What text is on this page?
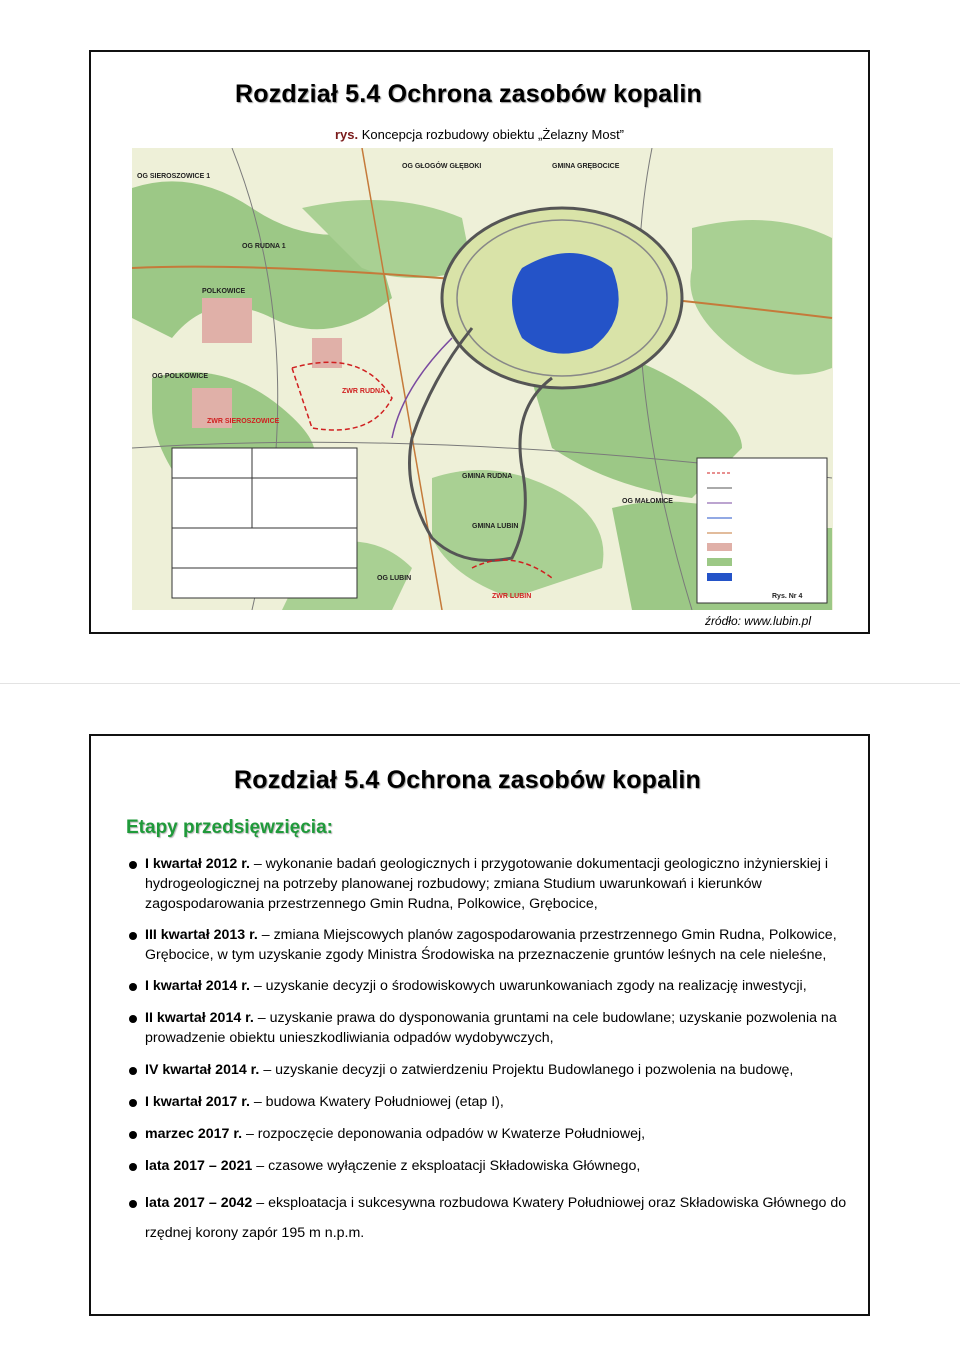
Rozdział 5.4 Ochrona zasobów kopalin
rys. Koncepcja rozbudowy obiektu „Żelazny Most”
OG SIEROSZOWICE 1
OG RUDNA 1
POLKOWICE
OG POLKOWICE
GMINA GRĘBOCICE
GMINA RUDNA
GMINA LUBIN
OG MAŁOMICE
OG LUBIN
OG GŁOGÓW GŁĘBOKI
Rys. Nr 4
ZWR RUDNA
ZWR SIEROSZOWICE
ZWR LUBIN
źródło: www.lubin.pl
Rozdział 5.4 Ochrona zasobów kopalin
Etapy przedsięwzięcia:
I kwartał 2012 r. – wykonanie badań geologicznych i przygotowanie dokumentacji geologiczno inżynierskiej i hydrogeologicznej na potrzeby planowanej rozbudowy; zmiana Studium uwarunkowań i kierunków zagospodarowania przestrzennego Gmin Rudna, Polkowice, Grębocice,
III kwartał 2013 r. – zmiana Miejscowych planów zagospodarowania przestrzennego Gmin Rudna, Polkowice, Grębocice, w tym uzyskanie zgody Ministra Środowiska na przeznaczenie gruntów leśnych na cele nieleśne,
I kwartał 2014 r. – uzyskanie decyzji o środowiskowych uwarunkowaniach zgody na realizację inwestycji,
II kwartał 2014 r. – uzyskanie prawa do dysponowania gruntami na cele budowlane; uzyskanie pozwolenia na prowadzenie obiektu unieszkodliwiania odpadów wydobywczych,
IV kwartał 2014 r. – uzyskanie decyzji o zatwierdzeniu Projektu Budowlanego i pozwolenia na budowę,
I kwartał 2017 r. – budowa Kwatery Południowej (etap I),
marzec 2017 r. – rozpoczęcie deponowania odpadów w Kwaterze Południowej,
lata 2017 – 2021 – czasowe wyłączenie z eksploatacji Składowiska Głównego,
lata 2017 – 2042 – eksploatacja i sukcesywna rozbudowa Kwatery Południowej oraz Składowiska Głównego do rzędnej korony zapór 195 m n.p.m.
